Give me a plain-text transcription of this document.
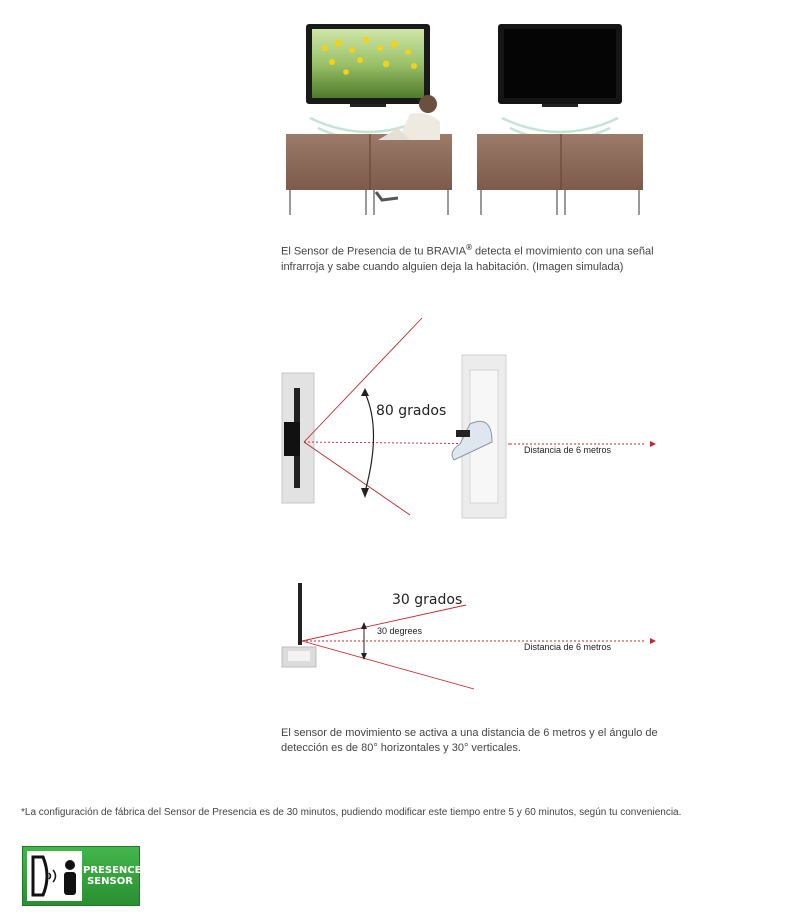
El Sensor de Presencia de tu BRAVIA® detecta el movimiento con una señal
infrarroja y sabe cuando alguien deja la habitación. (Imagen simulada)
80 grados
Distancia de 6 metros
30 grados
30 degrees
Distancia de 6 metros
El sensor de movimiento se activa a una distancia de 6 metros y el ángulo de
detección es de 80° horizontales y 30° verticales.
*La configuración de fábrica del Sensor de Presencia es de 30 minutos, pudiendo modificar este tiempo entre 5 y 60 minutos, según tu conveniencia.
PRESENCE
SENSOR
